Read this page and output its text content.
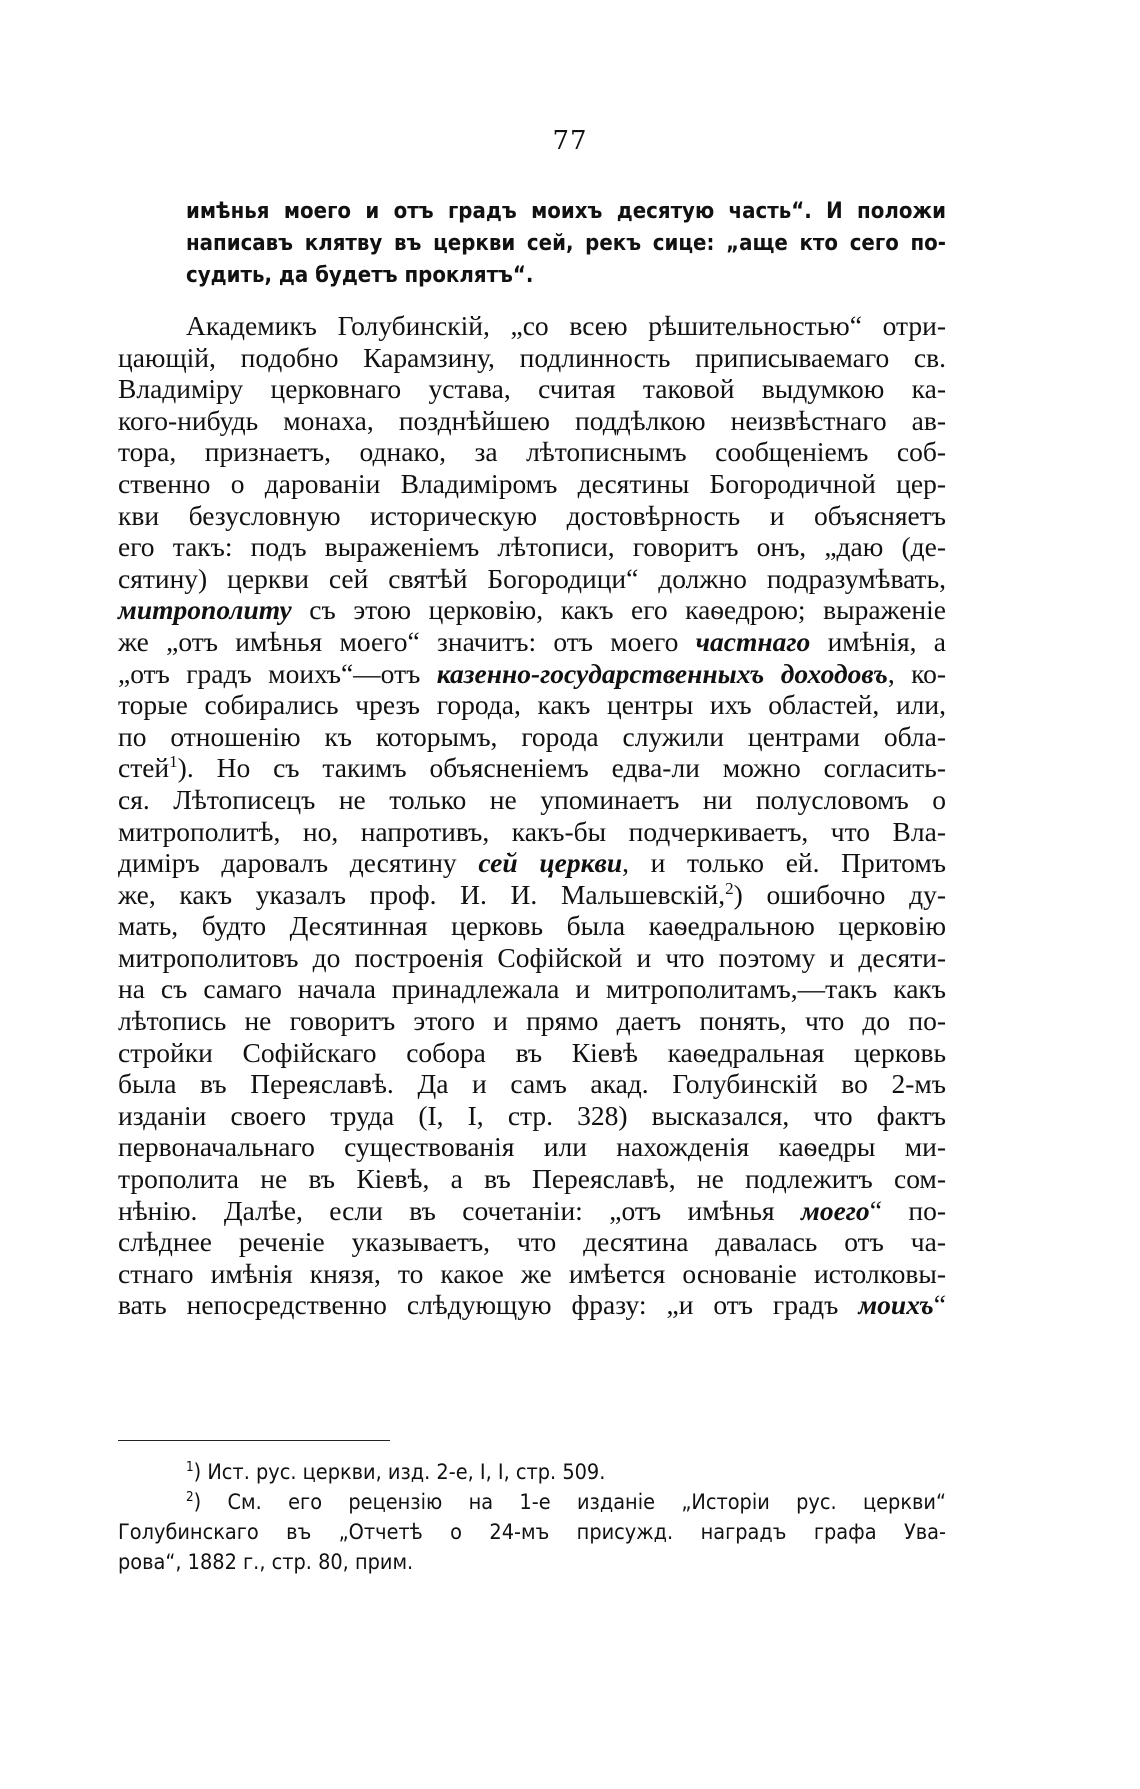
77
имѣнья моего и отъ градъ моихъ десятую часть“. И положи
написавъ клятву въ церкви сей, рекъ сице: „аще кто сего по-
судить, да будетъ проклятъ“.
Академикъ Голубинскій, „со всею рѣшительностью“ отри-
цающій, подобно Карамзину, подлинность приписываемаго св.
Владиміру церковнаго устава, считая таковой выдумкою ка-
кого-нибудь монаха, позднѣйшею поддѣлкою неизвѣстнаго ав-
тора, признаетъ, однако, за лѣтописнымъ сообщеніемъ соб-
ственно о дарованіи Владиміромъ десятины Богородичной цер-
кви безусловную историческую достовѣрность и объясняетъ
его такъ: подъ выраженіемъ лѣтописи, говоритъ онъ, „даю (де-
сятину) церкви сей святѣй Богородици“ должно подразумѣвать,
митрополиту съ этою церковію, какъ его каѳедрою; выраженіе
же „отъ имѣнья моего“ значитъ: отъ моего частнаго имѣнія, а
„отъ градъ моихъ“—отъ казенно-государственныхъ доходовъ, ко-
торые собирались чрезъ города, какъ центры ихъ областей, или,
по отношенію къ которымъ, города служили центрами обла-
стей$^1$). Но съ такимъ объясненіемъ едва-ли можно согласить-
ся. Лѣтописецъ не только не упоминаетъ ни полусловомъ о
митрополитѣ, но, напротивъ, какъ-бы подчеркиваетъ, что Вла-
диміръ даровалъ десятину сей церкви, и только ей. Притомъ
же, какъ указалъ проф. И. И. Мальшевскій,$^2$) ошибочно ду-
мать, будто Десятинная церковь была каѳедральною церковію
митрополитовъ до построенія Софійской и что поэтому и десяти-
на съ самаго начала принадлежала и митрополитамъ,—такъ какъ
лѣтопись не говоритъ этого и прямо даетъ понять, что до по-
стройки Софійскаго собора въ Кіевѣ каѳедральная церковь
была въ Переяславѣ. Да и самъ акад. Голубинскій во 2-мъ
изданіи своего труда (I, I, стр. 328) высказался, что фактъ
первоначальнаго существованія или нахожденія каѳедры ми-
трополита не въ Кіевѣ, а въ Переяславѣ, не подлежитъ сом-
нѣнію. Далѣе, если въ сочетаніи: „отъ имѣнья моего“ по-
слѣднее реченіе указываетъ, что десятина давалась отъ ча-
стнаго имѣнія князя, то какое же имѣется основаніе истолковы-
вать непосредственно слѣдующую фразу: „и отъ градъ моихъ“
$^1$) Ист. рус. церкви, изд. 2-е, I, I, стр. 509.
$^2$) См. его рецензію на 1-е изданіе „Исторіи рус. церкви“
Голубинскаго въ „Отчетѣ о 24-мъ присужд. наградъ графа Ува-
рова“, 1882 г., стр. 80, прим.
